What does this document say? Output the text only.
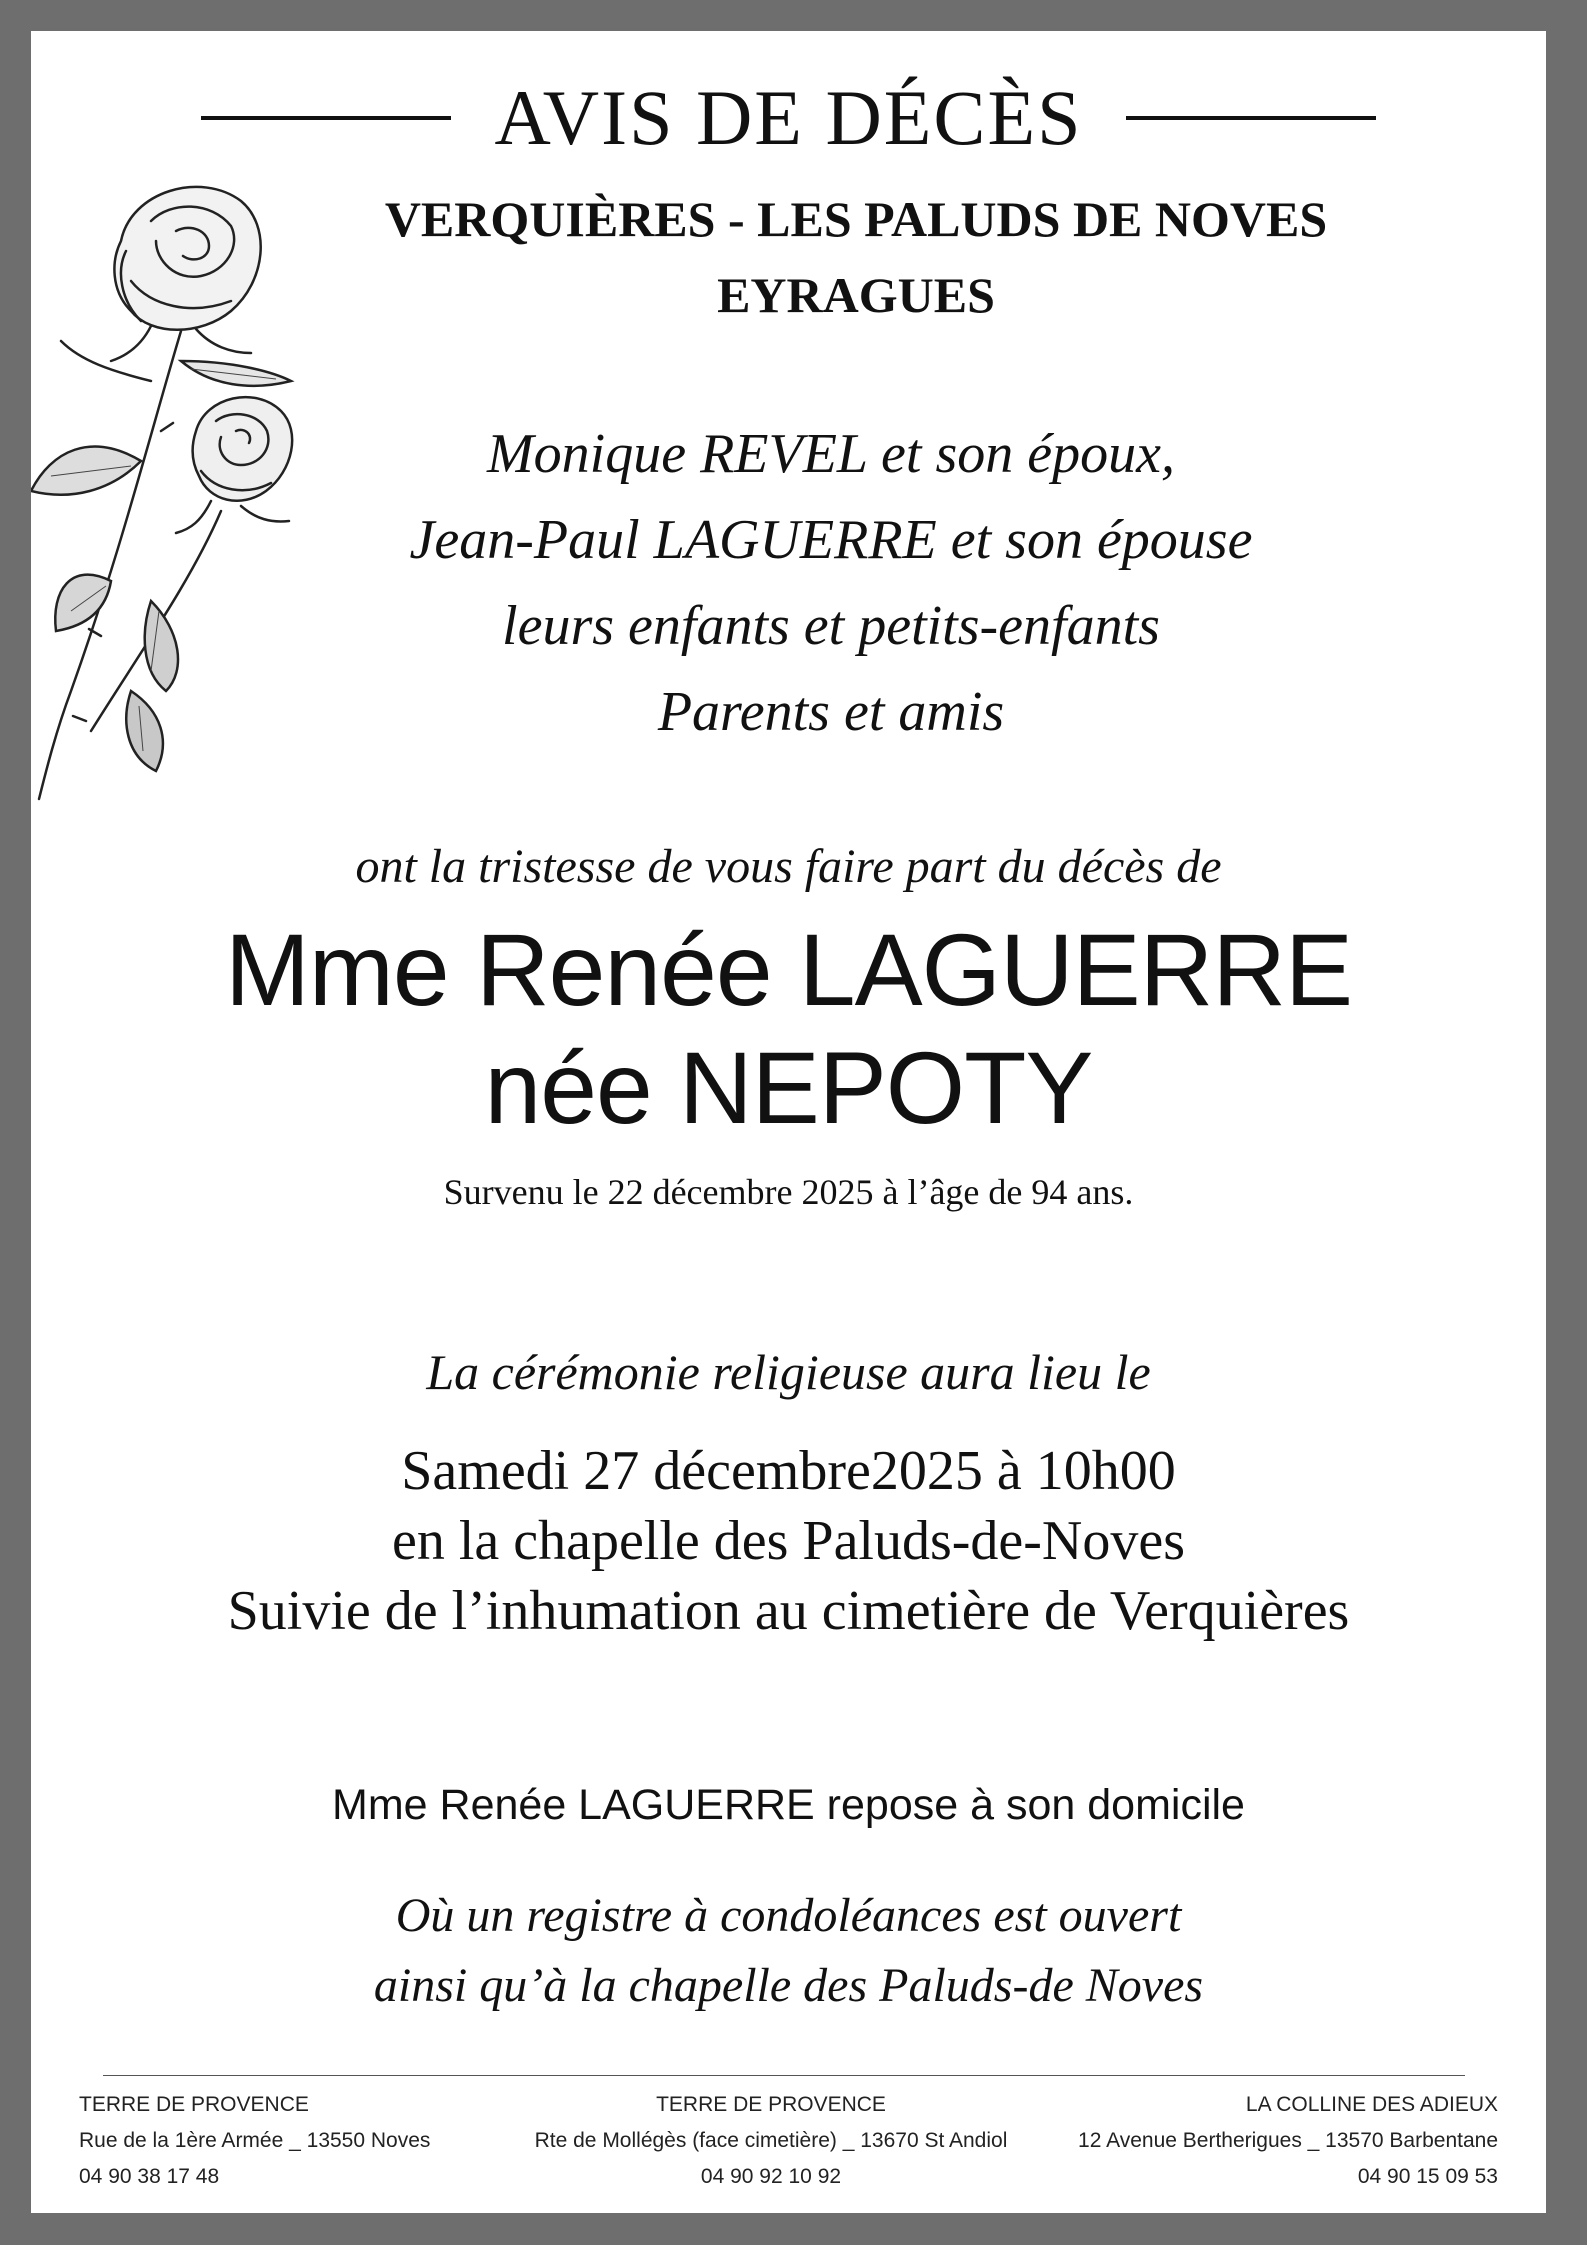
AVIS DE DÉCÈS
VERQUIÈRES - LES PALUDS DE NOVES
EYRAGUES
Monique REVEL et son époux,
Jean-Paul LAGUERRE et son épouse
leurs enfants et petits-enfants
Parents et amis
ont la tristesse de vous faire part du décès de
Mme Renée LAGUERRE
née NEPOTY
Survenu le 22 décembre 2025 à l’âge de 94 ans.
La cérémonie religieuse aura lieu le
Samedi 27 décembre2025 à 10h00
en la chapelle des Paluds-de-Noves
Suivie de l’inhumation au cimetière de Verquières
Mme Renée LAGUERRE repose à son domicile
Où un registre à condoléances est ouvert
ainsi qu’à la chapelle des Paluds-de Noves
TERRE DE PROVENCE
Rue de la 1ère Armée _ 13550 Noves
04 90 38 17 48
TERRE DE PROVENCE
Rte de Mollégès (face cimetière) _ 13670 St Andiol
04 90 92 10 92
LA COLLINE DES ADIEUX
12 Avenue Bertherigues _ 13570 Barbentane
04 90 15 09 53
